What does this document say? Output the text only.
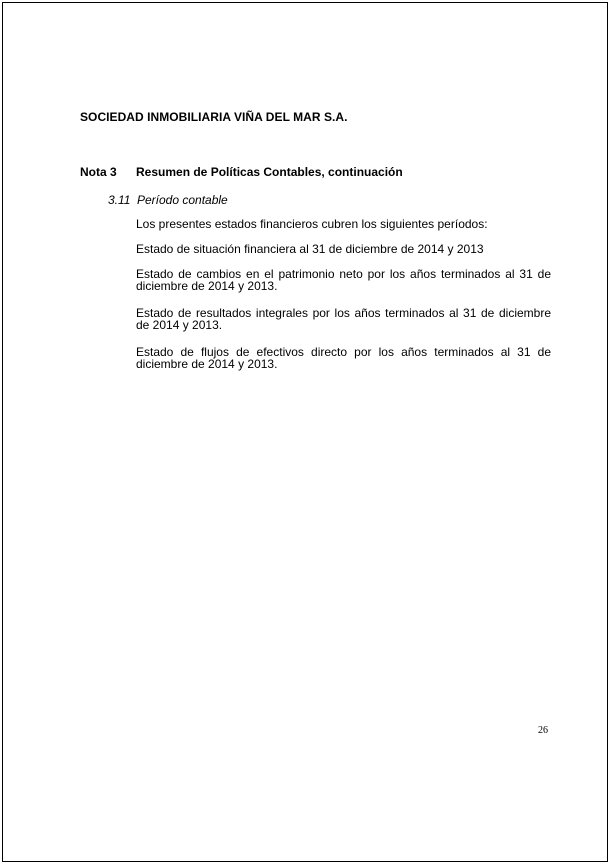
SOCIEDAD INMOBILIARIA VIÑA DEL MAR S.A.
Nota 3 Resumen de Políticas Contables, continuación
3.11 Período contable
Los presentes estados financieros cubren los siguientes períodos:
Estado de situación financiera al 31 de diciembre de 2014 y 2013
Estado de cambios en el patrimonio neto por los años terminados al 31 de diciembre de 2014 y 2013.
Estado de resultados integrales por los años terminados al 31 de diciembre de 2014 y 2013.
Estado de flujos de efectivos directo por los años terminados al 31 de diciembre de 2014 y 2013.
26
